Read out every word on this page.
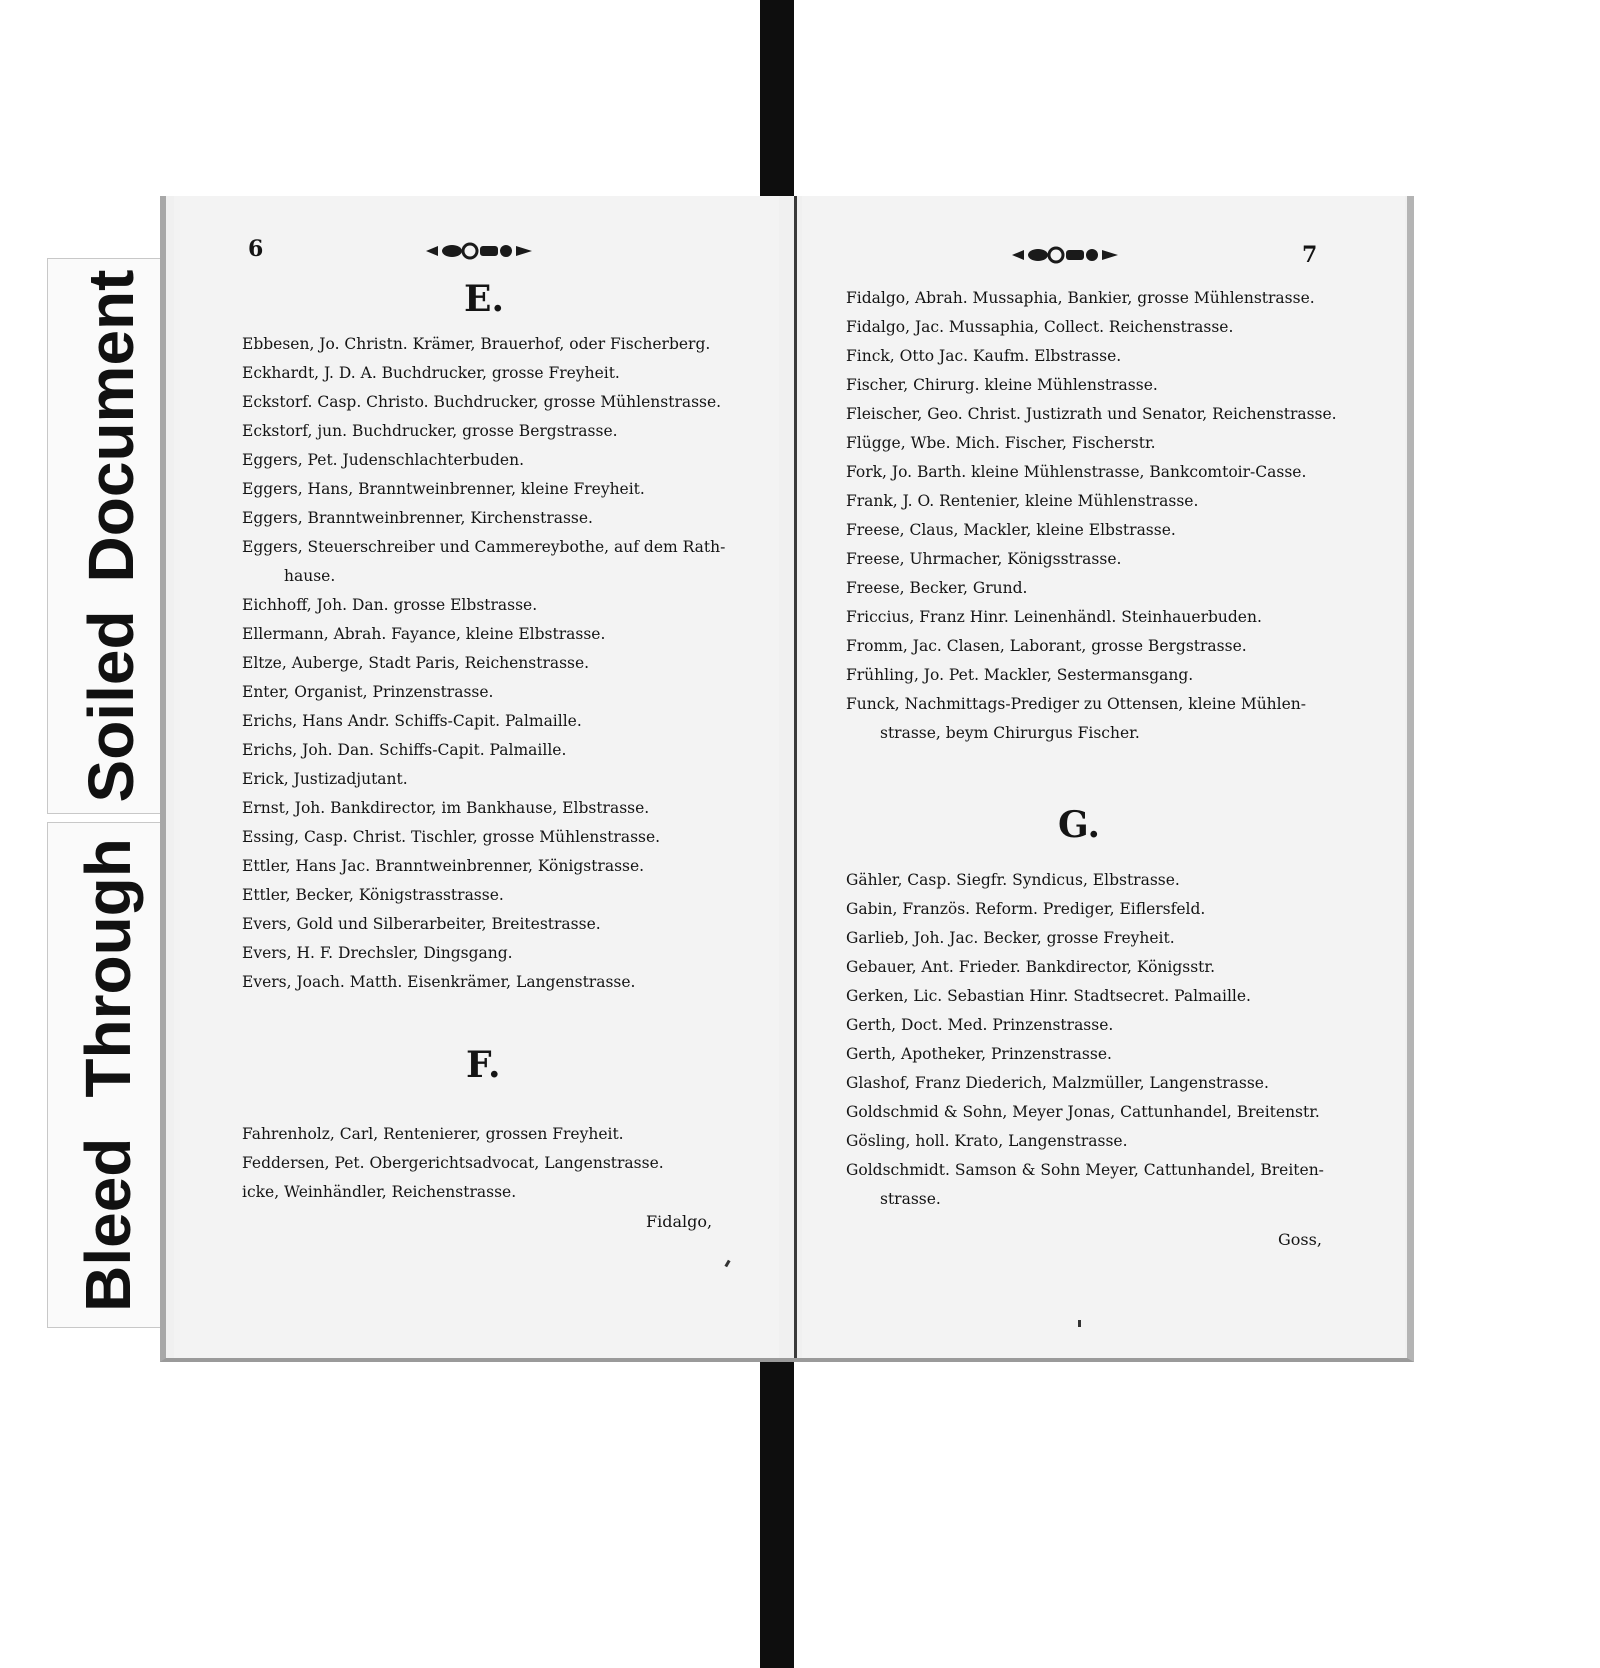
SoiledDocument
BleedThrough
6
E.
Ebbesen, Jo. Christn. Krämer, Brauerhof, oder Fischerberg.
Eckhardt, J. D. A. Buchdrucker, grosse Freyheit.
Eckstorf. Casp. Christo. Buchdrucker, grosse Mühlenstrasse.
Eckstorf, jun. Buchdrucker, grosse Bergstrasse.
Eggers, Pet. Judenschlachterbuden.
Eggers, Hans, Branntweinbrenner, kleine Freyheit.
Eggers, Branntweinbrenner, Kirchenstrasse.
Eggers, Steuerschreiber und Cammereybothe, auf dem Rath-
hause.
Eichhoff, Joh. Dan. grosse Elbstrasse.
Ellermann, Abrah. Fayance, kleine Elbstrasse.
Eltze, Auberge, Stadt Paris, Reichenstrasse.
Enter, Organist, Prinzenstrasse.
Erichs, Hans Andr. Schiffs-Capit. Palmaille.
Erichs, Joh. Dan. Schiffs-Capit. Palmaille.
Erick, Justizadjutant.
Ernst, Joh. Bankdirector, im Bankhause, Elbstrasse.
Essing, Casp. Christ. Tischler, grosse Mühlenstrasse.
Ettler, Hans Jac. Branntweinbrenner, Königstrasse.
Ettler, Becker, Königstrasstrasse.
Evers, Gold und Silberarbeiter, Breitestrasse.
Evers, H. F. Drechsler, Dingsgang.
Evers, Joach. Matth. Eisenkrämer, Langenstrasse.
F.
Fahrenholz, Carl, Rentenierer, grossen Freyheit.
Feddersen, Pet. Obergerichtsadvocat, Langenstrasse.
icke, Weinhändler, Reichenstrasse.
Fidalgo,
7
Fidalgo, Abrah. Mussaphia, Bankier, grosse Mühlenstrasse.
Fidalgo, Jac. Mussaphia, Collect. Reichenstrasse.
Finck, Otto Jac. Kaufm. Elbstrasse.
Fischer, Chirurg. kleine Mühlenstrasse.
Fleischer, Geo. Christ. Justizrath und Senator, Reichenstrasse.
Flügge, Wbe. Mich. Fischer, Fischerstr.
Fork, Jo. Barth. kleine Mühlenstrasse, Bankcomtoir-Casse.
Frank, J. O. Rentenier, kleine Mühlenstrasse.
Freese, Claus, Mackler, kleine Elbstrasse.
Freese, Uhrmacher, Königsstrasse.
Freese, Becker, Grund.
Friccius, Franz Hinr. Leinenhändl. Steinhauerbuden.
Fromm, Jac. Clasen, Laborant, grosse Bergstrasse.
Frühling, Jo. Pet. Mackler, Sestermansgang.
Funck, Nachmittags-Prediger zu Ottensen, kleine Mühlen-
strasse, beym Chirurgus Fischer.
G.
Gähler, Casp. Siegfr. Syndicus, Elbstrasse.
Gabin, Französ. Reform. Prediger, Eiflersfeld.
Garlieb, Joh. Jac. Becker, grosse Freyheit.
Gebauer, Ant. Frieder. Bankdirector, Königsstr.
Gerken, Lic. Sebastian Hinr. Stadtsecret. Palmaille.
Gerth, Doct. Med. Prinzenstrasse.
Gerth, Apotheker, Prinzenstrasse.
Glashof, Franz Diederich, Malzmüller, Langenstrasse.
Goldschmid & Sohn, Meyer Jonas, Cattunhandel, Breitenstr.
Gösling, holl. Krato, Langenstrasse.
Goldschmidt. Samson & Sohn Meyer, Cattunhandel, Breiten-
strasse.
Goss,
